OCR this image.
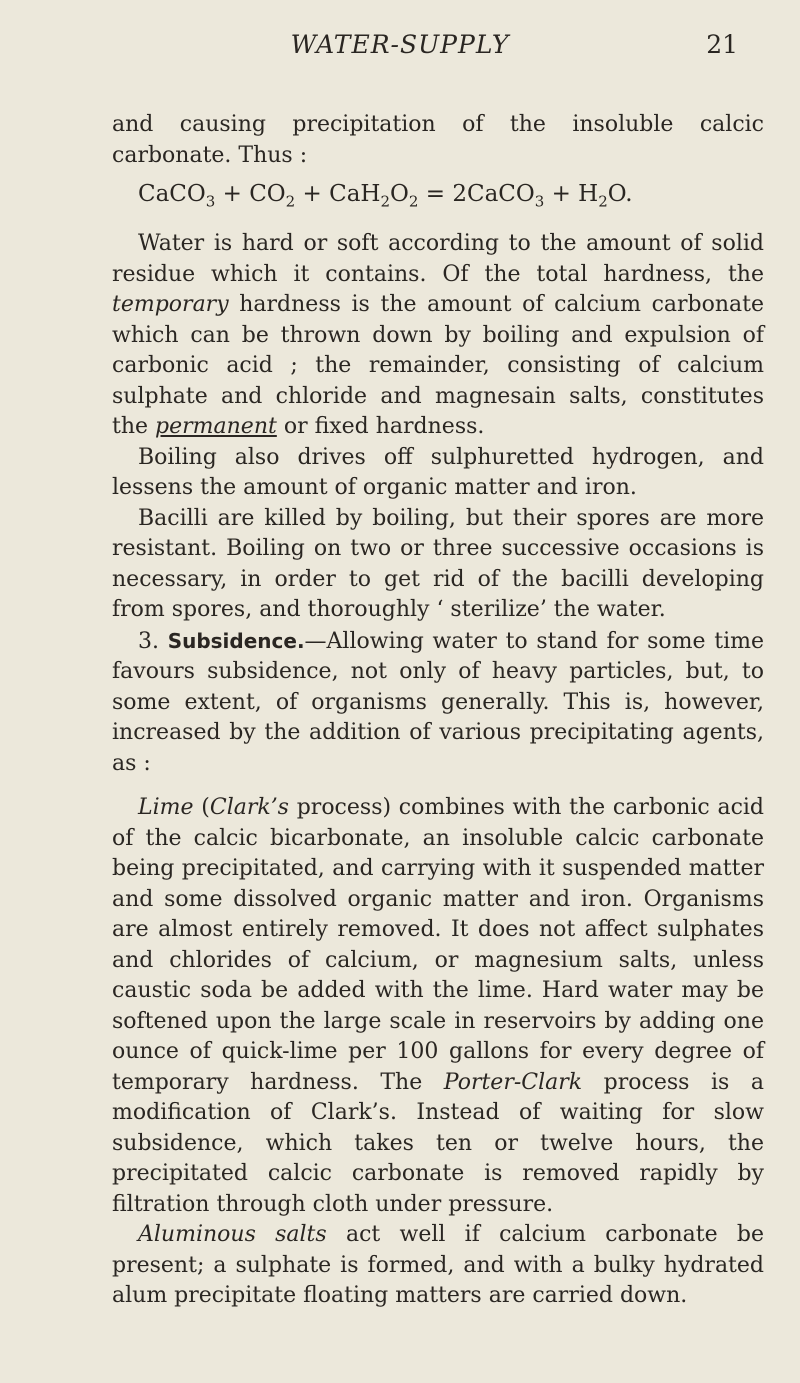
WATER-SUPPLY	21

and causing precipitation of the insoluble calcic carbonate. Thus :

CaCO$_3$ + $CO_2 + CaH_2O_2$ = 2CaCO$_3$ + $H_2O$.

Water is hard or soft according to the amount of solid residue which it contains. Of the total hardness, the temporary hardness is the amount of calcium carbonate which can be thrown down by boiling and expulsion of carbonic acid ; the remainder, consisting of calcium sulphate and chloride and magnesain salts, constitutes the permanent or fixed hardness.

Boiling also drives off sulphuretted hydrogen, and lessens the amount of organic matter and iron.

Bacilli are killed by boiling, but their spores are more resistant. Boiling on two or three successive occasions is necessary, in order to get rid of the bacilli developing from spores, and thoroughly ‘ sterilize’ the water.

3. Subsidence.—Allowing water to stand for some time favours subsidence, not only of heavy particles, but, to some extent, of organisms generally. This is, however, increased by the addition of various precipitating agents, as :

Lime (Clark’s process) combines with the carbonic acid of the calcic bicarbonate, an insoluble calcic carbonate being precipitated, and carrying with it suspended matter and some dissolved organic matter and iron. Organisms are almost entirely removed. It does not affect sulphates and chlorides of calcium, or magnesium salts, unless caustic soda be added with the lime. Hard water may be softened upon the large scale in reservoirs by adding one ounce of quick-lime per 100 gallons for every degree of temporary hardness. The Porter-Clark process is a modification of Clark’s. Instead of waiting for slow subsidence, which takes ten or twelve hours, the precipitated calcic carbonate is removed rapidly by filtration through cloth under pressure.

Aluminous salts act well if calcium carbonate be present; a sulphate is formed, and with a bulky hydrated alum precipitate floating matters are carried down.
